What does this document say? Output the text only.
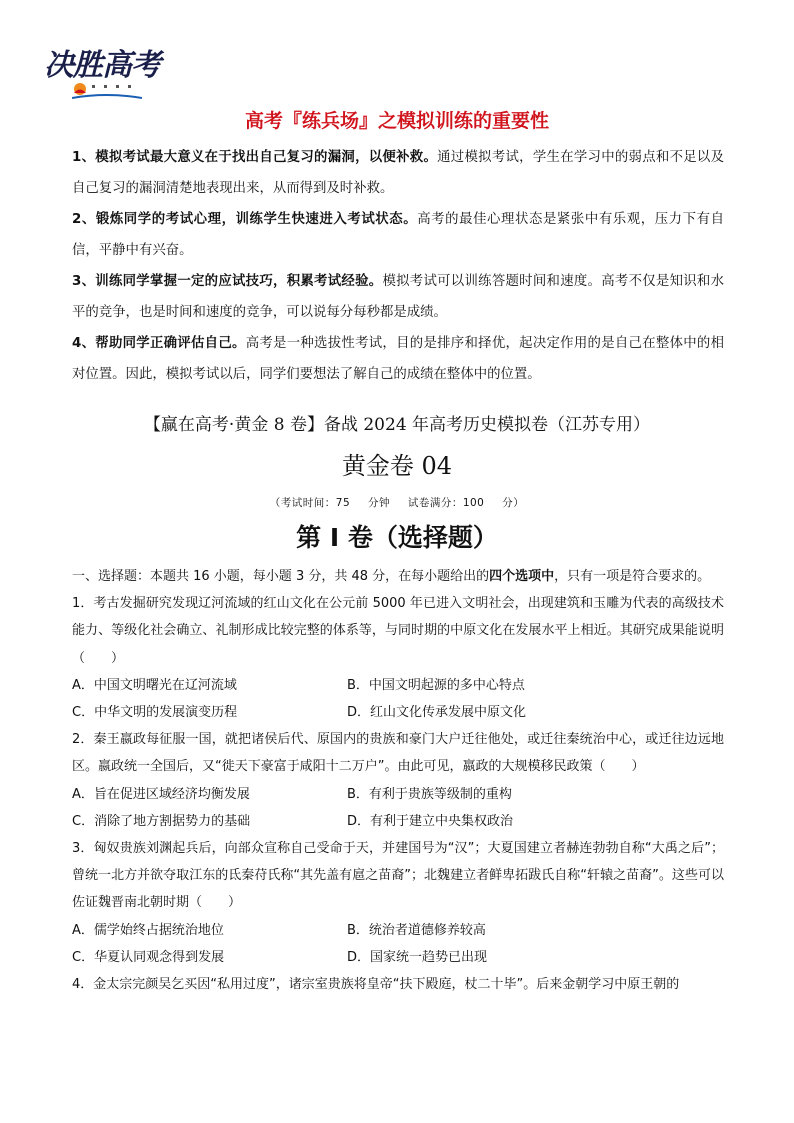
决胜高考
高考『练兵场』之模拟训练的重要性

1、模拟考试最大意义在于找出自己复习的漏洞，以便补救。通过模拟考试，学生在学习中的弱点和不足以及自己复习的漏洞清楚地表现出来，从而得到及时补救。

2、锻炼同学的考试心理，训练学生快速进入考试状态。高考的最佳心理状态是紧张中有乐观，压力下有自信，平静中有兴奋。

3、训练同学掌握一定的应试技巧，积累考试经验。模拟考试可以训练答题时间和速度。高考不仅是知识和水平的竞争，也是时间和速度的竞争，可以说每分每秒都是成绩。

4、帮助同学正确评估自己。高考是一种选拔性考试，目的是排序和择优，起决定作用的是自己在整体中的相对位置。因此，模拟考试以后，同学们要想法了解自己的成绩在整体中的位置。

【赢在高考·黄金 8 卷】备战 2024 年高考历史模拟卷（江苏专用）
黄金卷 04
（考试时间：75 分钟 试卷满分：100 分）
第 I 卷（选择题）

一、选择题：本题共 16 小题，每小题 3 分，共 48 分，在每小题给出的四个选项中，只有一项是符合要求的。

1．考古发掘研究发现辽河流域的红山文化在公元前 5000 年已进入文明社会，出现建筑和玉雕为代表的高级技术能力、等级化社会确立、礼制形成比较完整的体系等，与同时期的中原文化在发展水平上相近。其研究成果能说明（　　）

A．中国文明曙光在辽河流域	B．中国文明起源的多中心特点
C．中华文明的发展演变历程	D．红山文化传承发展中原文化

2．秦王嬴政每征服一国，就把诸侯后代、原国内的贵族和豪门大户迁往他处，或迁往秦统治中心，或迁往边远地区。嬴政统一全国后，又“徙天下豪富于咸阳十二万户”。由此可见，嬴政的大规模移民政策（　　）

A．旨在促进区域经济均衡发展	B．有利于贵族等级制的重构
C．消除了地方割据势力的基础	D．有利于建立中央集权政治

3．匈奴贵族刘渊起兵后，向部众宣称自己受命于天，并建国号为“汉”；大夏国建立者赫连勃勃自称“大禹之后”；曾统一北方并欲夺取江东的氐秦苻氏称“其先盖有扈之苗裔”；北魏建立者鲜卑拓跋氏自称“轩辕之苗裔”。这些可以佐证魏晋南北朝时期（　　）

A．儒学始终占据统治地位	B．统治者道德修养较高
C．华夏认同观念得到发展	D．国家统一趋势已出现

4．金太宗完颜吴乞买因“私用过度”，诸宗室贵族将皇帝“扶下殿庭，杖二十毕”。后来金朝学习中原王朝的
